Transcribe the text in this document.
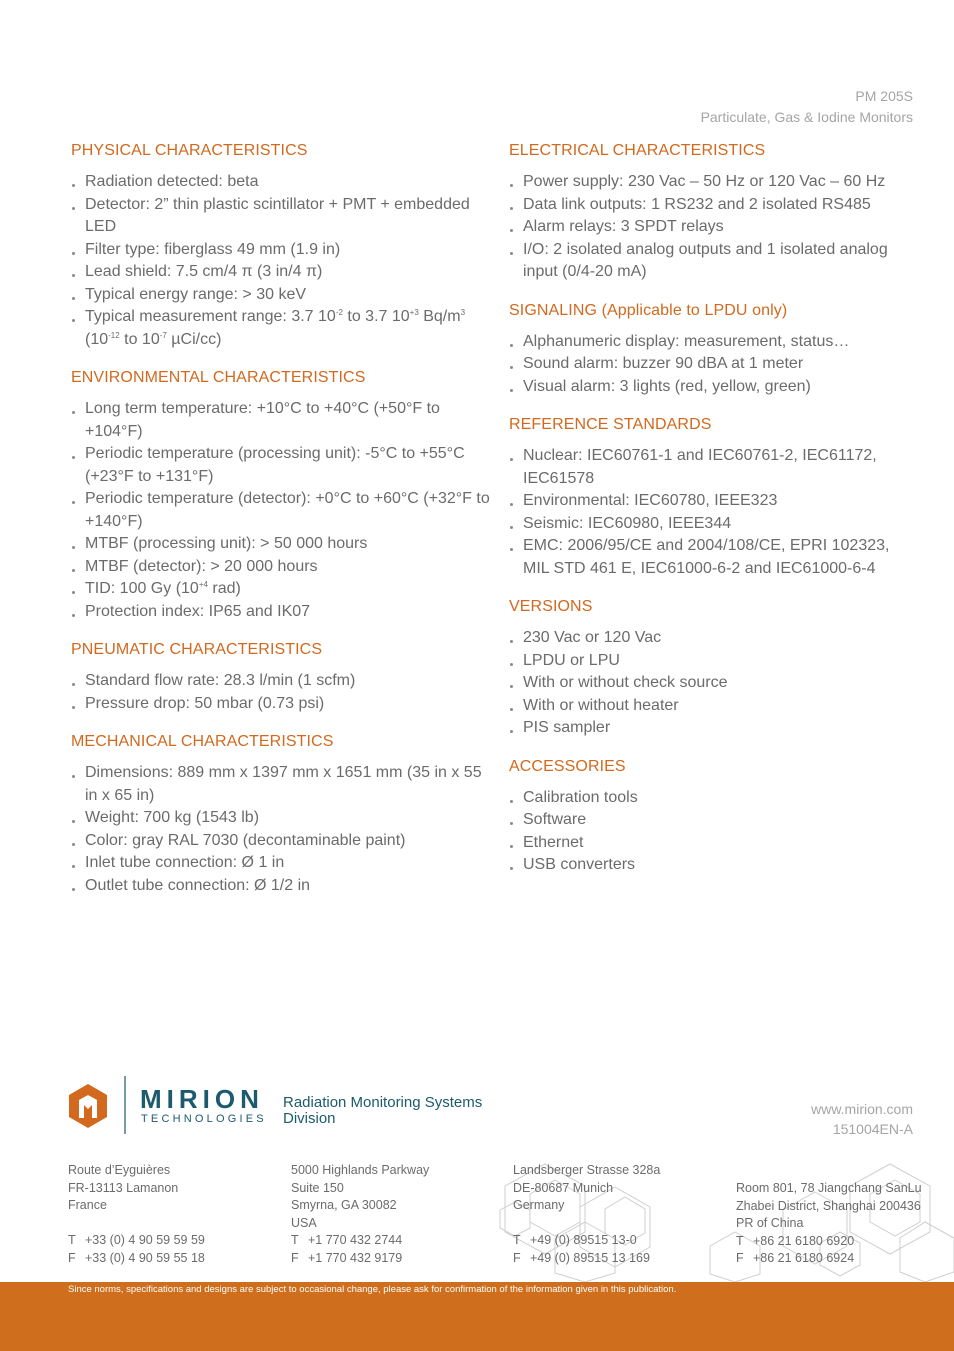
PM 205S
Particulate, Gas & Iodine Monitors
PHYSICAL CHARACTERISTICS
Radiation detected: beta
Detector: 2” thin plastic scintillator + PMT + embedded LED
Filter type: fiberglass 49 mm (1.9 in)
Lead shield: 7.5 cm/4 π (3 in/4 π)
Typical energy range: > 30 keV
Typical measurement range: 3.7 $10^{-2}$ to 3.7 $10^{+3}$ $Bq/m^3$ ($10^{-12}$ to $10^{-7}$ µCi/cc)
ENVIRONMENTAL CHARACTERISTICS
Long term temperature: +10°C to +40°C (+50°F to +104°F)
Periodic temperature (processing unit): -5°C to +55°C (+23°F to +131°F)
Periodic temperature (detector): +0°C to +60°C (+32°F to +140°F)
MTBF (processing unit): > 50 000 hours
MTBF (detector): > 20 000 hours
TID: 100 Gy ($10^{+4}$ rad)
Protection index: IP65 and IK07
PNEUMATIC CHARACTERISTICS
Standard flow rate: 28.3 l/min (1 scfm)
Pressure drop: 50 mbar (0.73 psi)
MECHANICAL CHARACTERISTICS
Dimensions: 889 mm x 1397 mm x 1651 mm (35 in x 55 in x 65 in)
Weight: 700 kg (1543 lb)
Color: gray RAL 7030 (decontaminable paint)
Inlet tube connection: Ø 1 in
Outlet tube connection: Ø 1/2 in
ELECTRICAL CHARACTERISTICS
Power supply: 230 Vac – 50 Hz or 120 Vac – 60 Hz
Data link outputs: 1 RS232 and 2 isolated RS485
Alarm relays: 3 SPDT relays
I/O: 2 isolated analog outputs and 1 isolated analog input (0/4-20 mA)
SIGNALING (Applicable to LPDU only)
Alphanumeric display: measurement, status…
Sound alarm: buzzer 90 dBA at 1 meter
Visual alarm: 3 lights (red, yellow, green)
REFERENCE STANDARDS
Nuclear: IEC60761-1 and IEC60761-2, IEC61172, IEC61578
Environmental: IEC60780, IEEE323
Seismic: IEC60980, IEEE344
EMC: 2006/95/CE and 2004/108/CE, EPRI 102323, MIL STD 461 E, IEC61000-6-2 and IEC61000-6-4
VERSIONS
230 Vac or 120 Vac
LPDU or LPU
With or without check source
With or without heater
PIS sampler
ACCESSORIES
Calibration tools
Software
Ethernet
USB converters
MIRION
TECHNOLOGIES
Radiation Monitoring Systems
Division
www.mirion.com
151004EN-A
Route d’Eyguières
FR-13113 Lamanon
France
T +33 (0) 4 90 59 59 59
F +33 (0) 4 90 59 55 18
5000 Highlands Parkway
Suite 150
Smyrna, GA 30082
USA
T +1 770 432 2744
F +1 770 432 9179
Landsberger Strasse 328a
DE-80687 Munich
Germany
T +49 (0) 89515 13-0
F +49 (0) 89515 13 169
Room 801, 78 Jiangchang SanLu
Zhabei District, Shanghai 200436
PR of China
T +86 21 6180 6920
F +86 21 6180 6924
Since norms, specifications and designs are subject to occasional change, please ask for confirmation of the information given in this publication.
